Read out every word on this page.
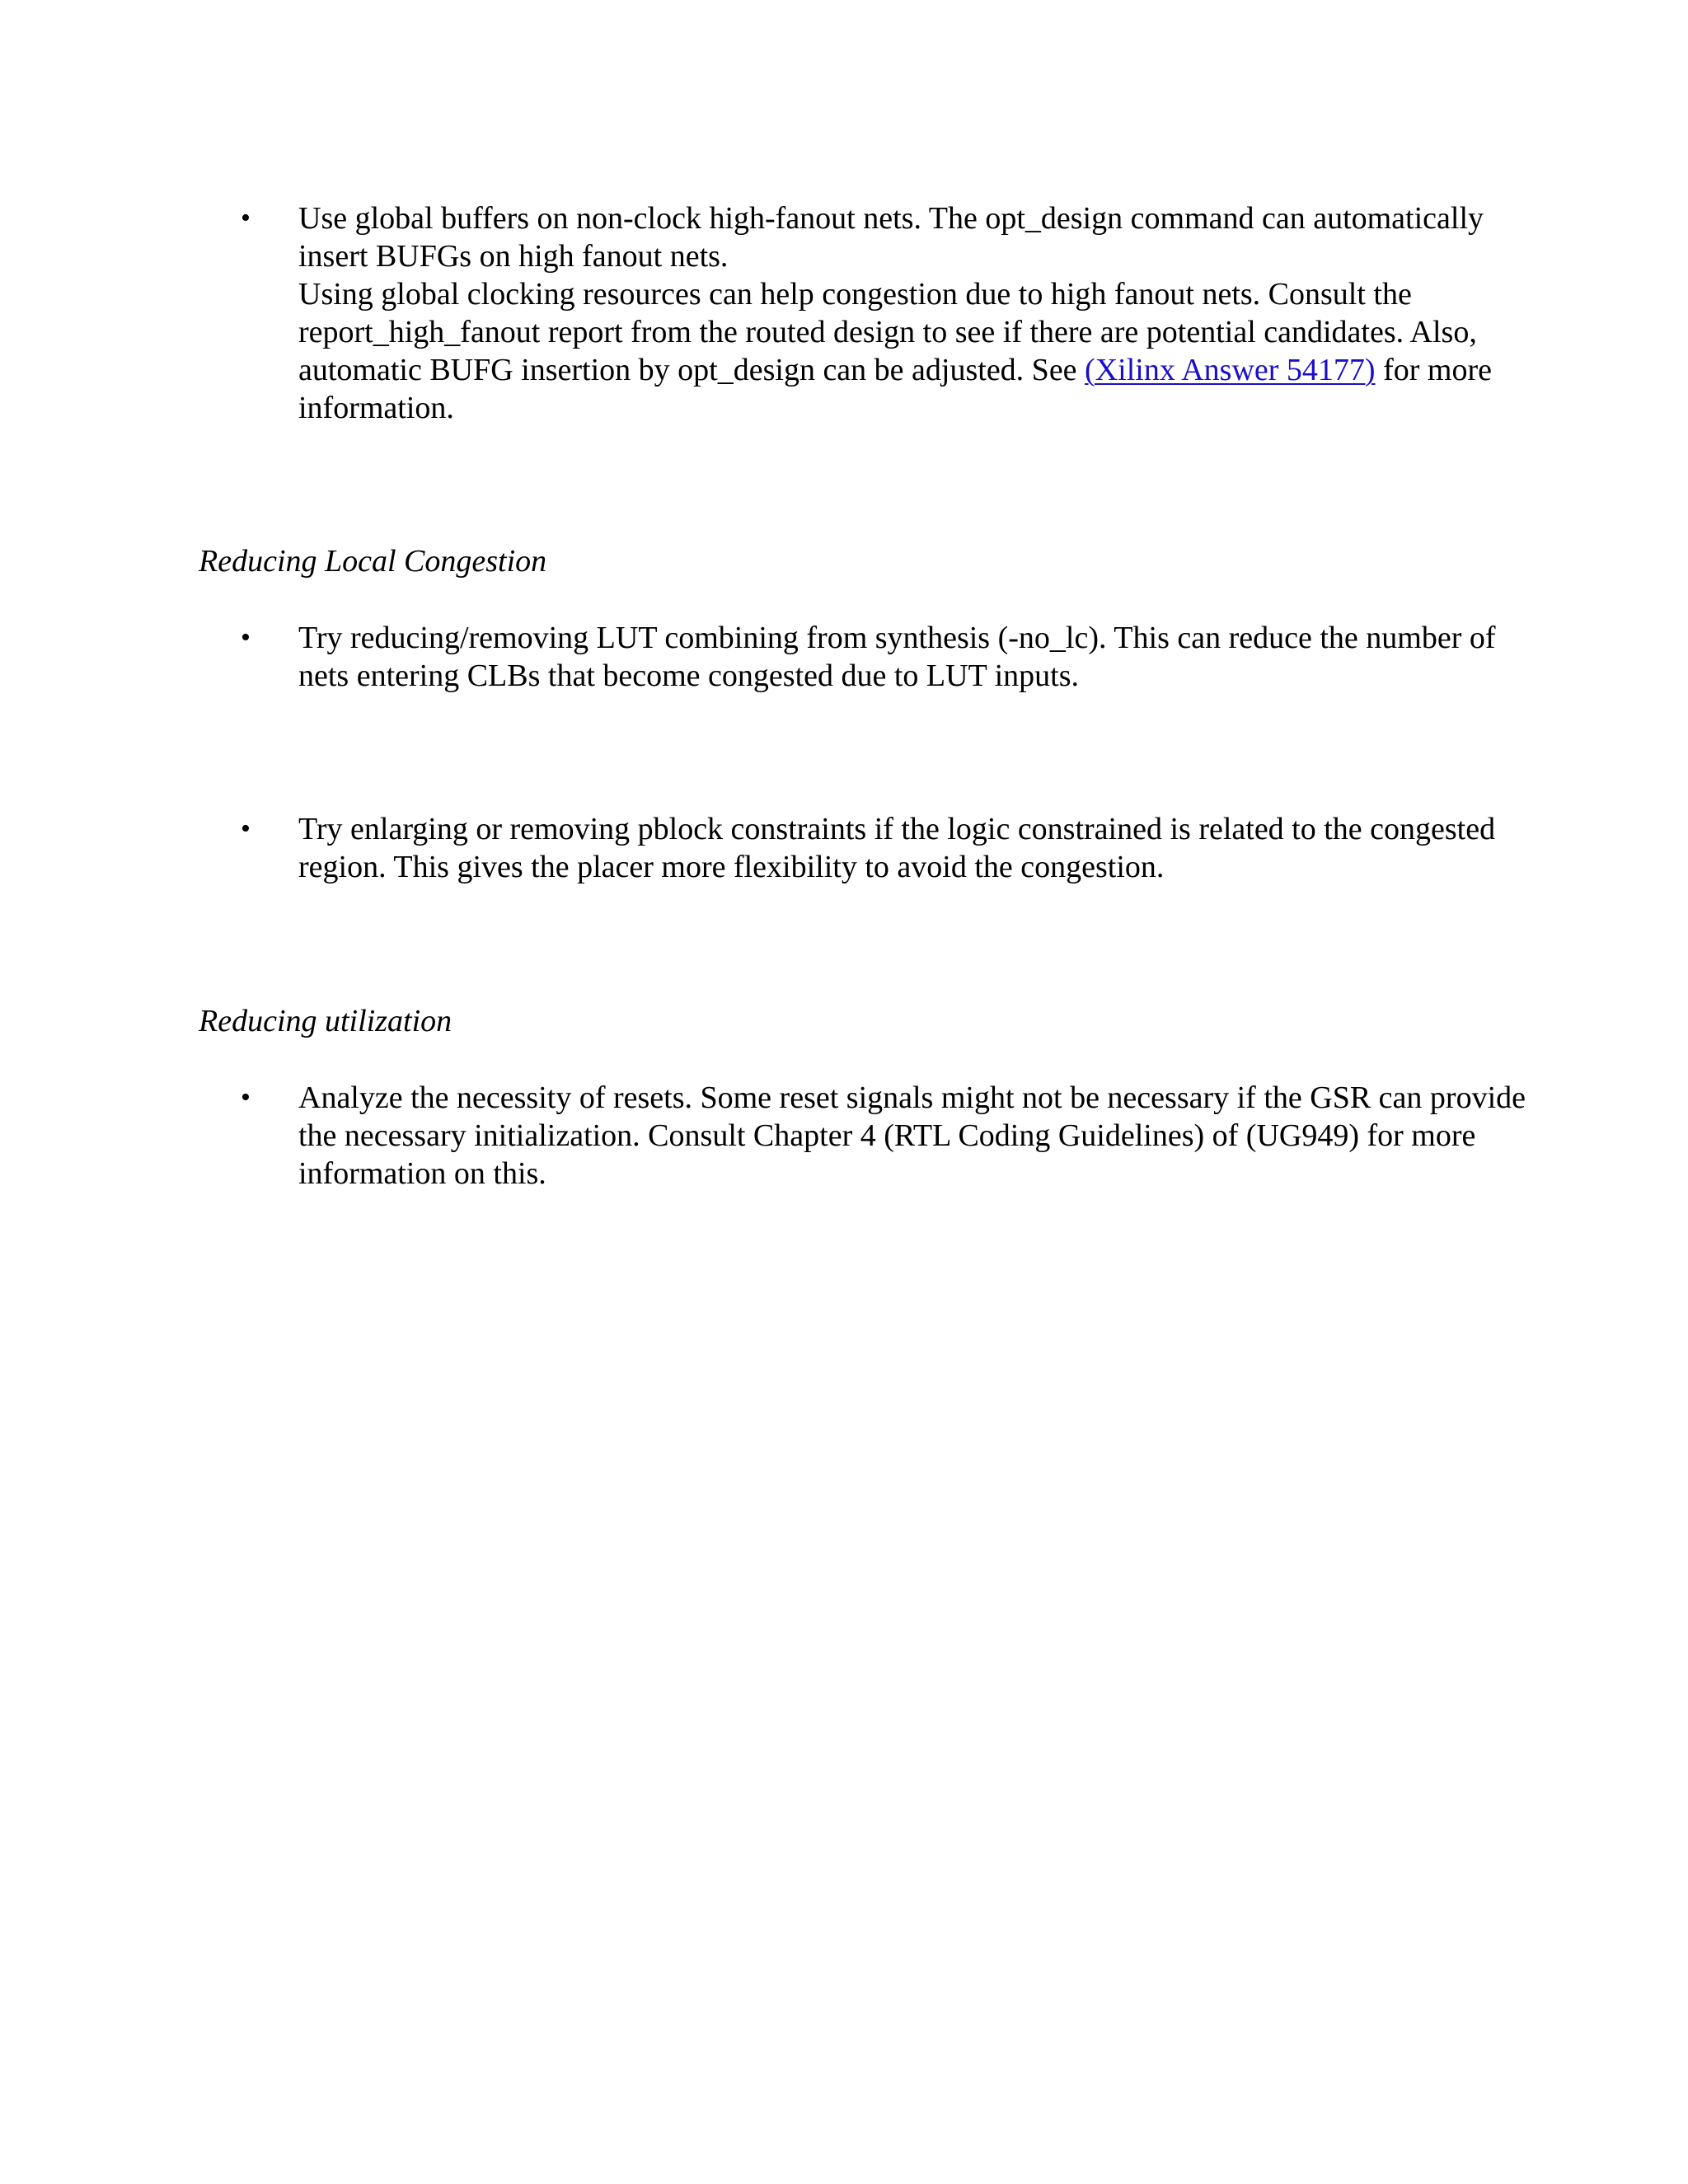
• Use global buffers on non-clock high-fanout nets. The opt_design command can automatically insert BUFGs on high fanout nets.

Using global clocking resources can help congestion due to high fanout nets. Consult the report_high_fanout report from the routed design to see if there are potential candidates. Also, automatic BUFG insertion by opt_design can be adjusted. See (Xilinx Answer 54177) for more information.

Reducing Local Congestion
• Try reducing/removing LUT combining from synthesis (-no_lc). This can reduce the number of nets entering CLBs that become congested due to LUT inputs.
• Try enlarging or removing pblock constraints if the logic constrained is related to the congested region. This gives the placer more flexibility to avoid the congestion.
Reducing utilization
• Analyze the necessity of resets. Some reset signals might not be necessary if the GSR can provide the necessary initialization. Consult Chapter 4 (RTL Coding Guidelines) of (UG949) for more information on this.
